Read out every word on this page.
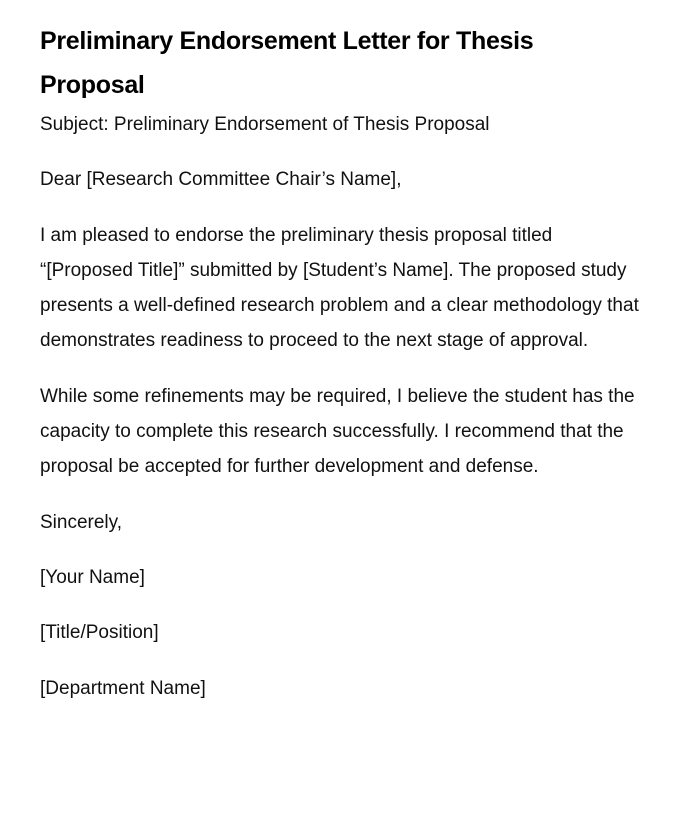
Preliminary Endorsement Letter for Thesis Proposal

Subject: Preliminary Endorsement of Thesis Proposal

Dear [Research Committee Chair’s Name],

I am pleased to endorse the preliminary thesis proposal titled “[Proposed Title]” submitted by [Student’s Name]. The proposed study presents a well-defined research problem and a clear methodology that demonstrates readiness to proceed to the next stage of approval.

While some refinements may be required, I believe the student has the capacity to complete this research successfully. I recommend that the proposal be accepted for further development and defense.

Sincerely,

[Your Name]

[Title/Position]

[Department Name]
